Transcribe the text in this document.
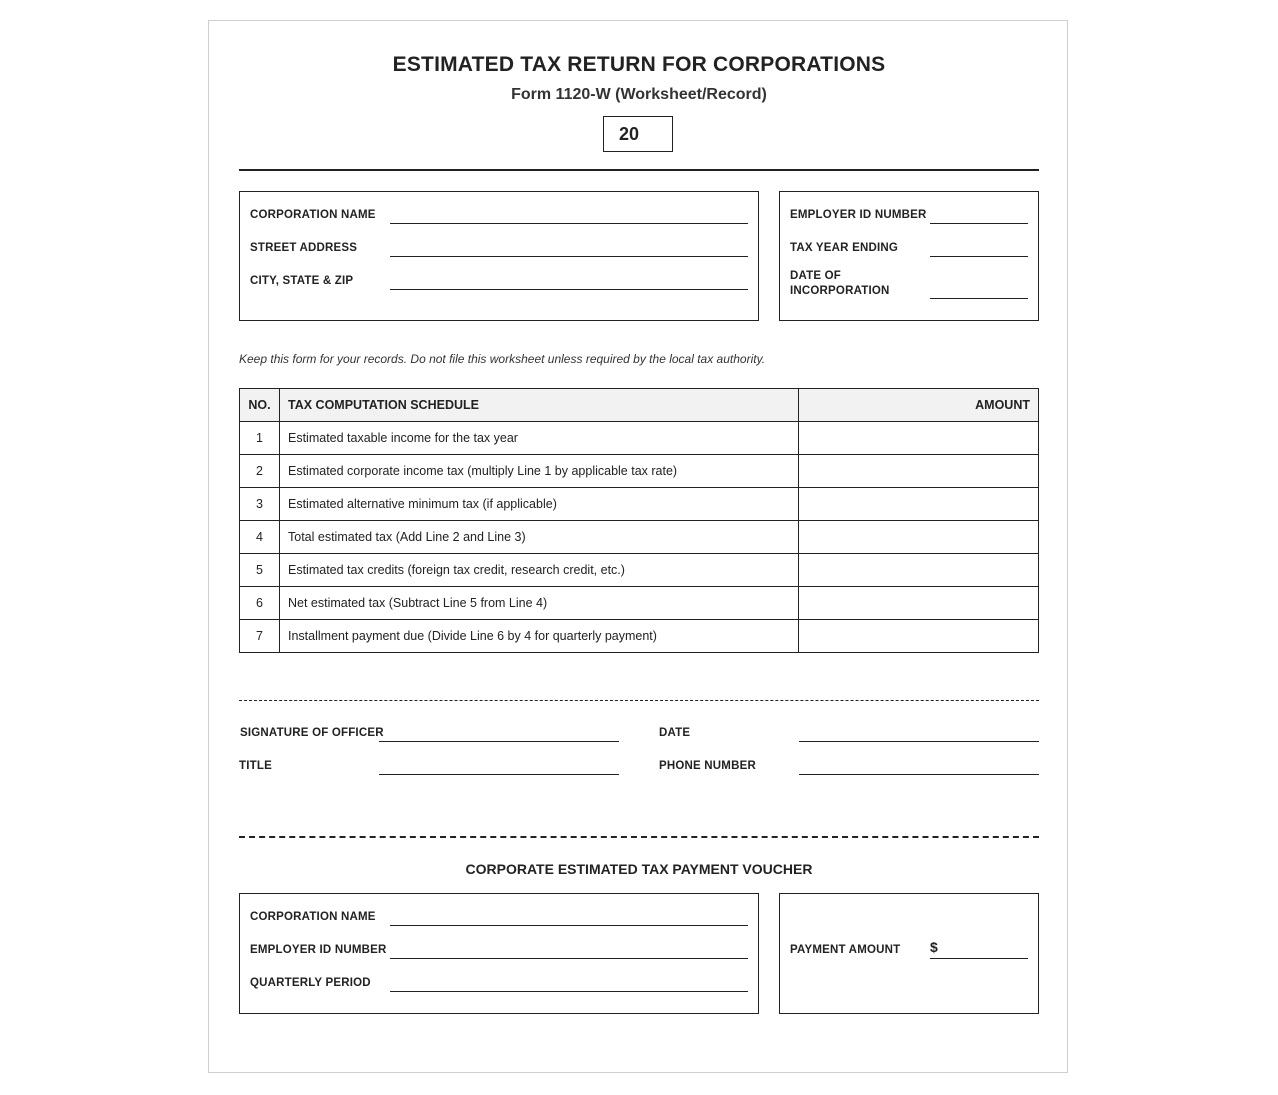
ESTIMATED TAX RETURN FOR CORPORATIONS
Form 1120-W (Worksheet/Record)
20
CORPORATION NAME
STREET ADDRESS
CITY, STATE & ZIP
EMPLOYER ID NUMBER
TAX YEAR ENDING
DATE OF
INCORPORATION
Keep this form for your records. Do not file this worksheet unless required by the local tax authority.
NO.	TAX COMPUTATION SCHEDULE	AMOUNT
1	Estimated taxable income for the tax year	
2	Estimated corporate income tax (multiply Line 1 by applicable tax rate)	
3	Estimated alternative minimum tax (if applicable)	
4	Total estimated tax (Add Line 2 and Line 3)	
5	Estimated tax credits (foreign tax credit, research credit, etc.)	
6	Net estimated tax (Subtract Line 5 from Line 4)	
7	Installment payment due (Divide Line 6 by 4 for quarterly payment)	
SIGNATURE OF OFFICER	DATE
TITLE	PHONE NUMBER
CORPORATE ESTIMATED TAX PAYMENT VOUCHER
CORPORATION NAME
EMPLOYER ID NUMBER
QUARTERLY PERIOD
PAYMENT AMOUNT $
